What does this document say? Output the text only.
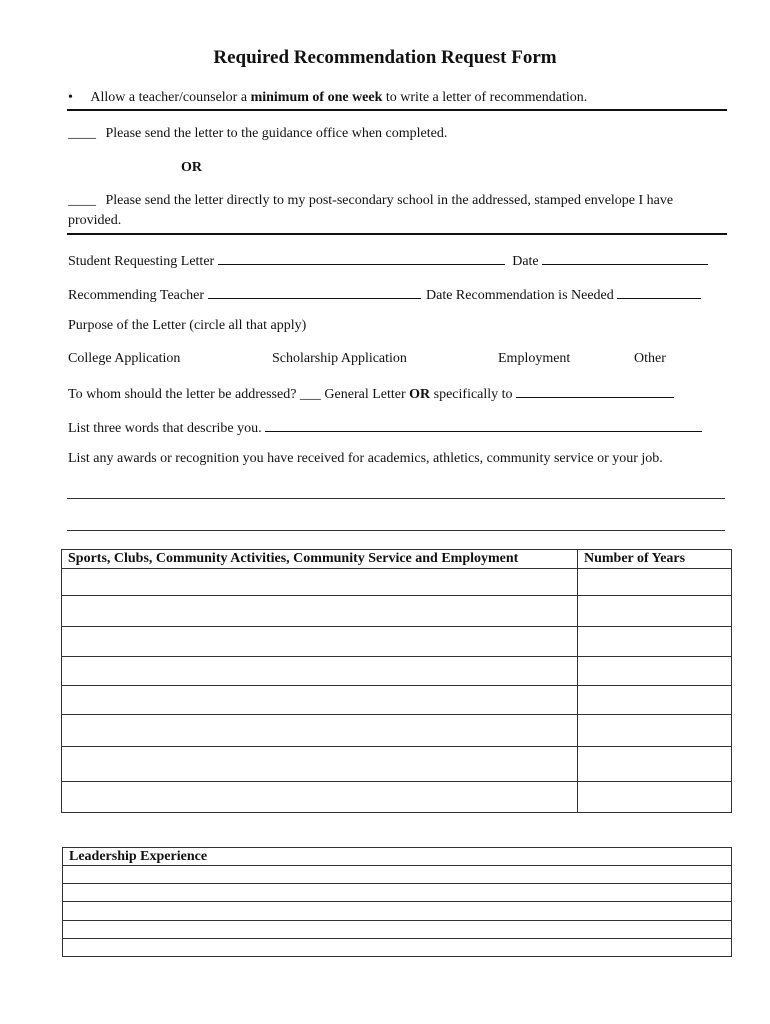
Required Recommendation Request Form
• Allow a teacher/counselor a minimum of one week to write a letter of recommendation.
____ Please send the letter to the guidance office when completed.
OR
____ Please send the letter directly to my post-secondary school in the addressed, stamped envelope I have
provided.
Student Requesting Letter	Date
Recommending Teacher	Date Recommendation is Needed
Purpose of the Letter (circle all that apply)
College Application	Scholarship Application	Employment	Other
To whom should the letter be addressed? ___ General Letter OR specifically to
List three words that describe you.
List any awards or recognition you have received for academics, athletics, community service or your job.
Sports, Clubs, Community Activities, Community Service and Employment	Number of Years

Leadership Experience
